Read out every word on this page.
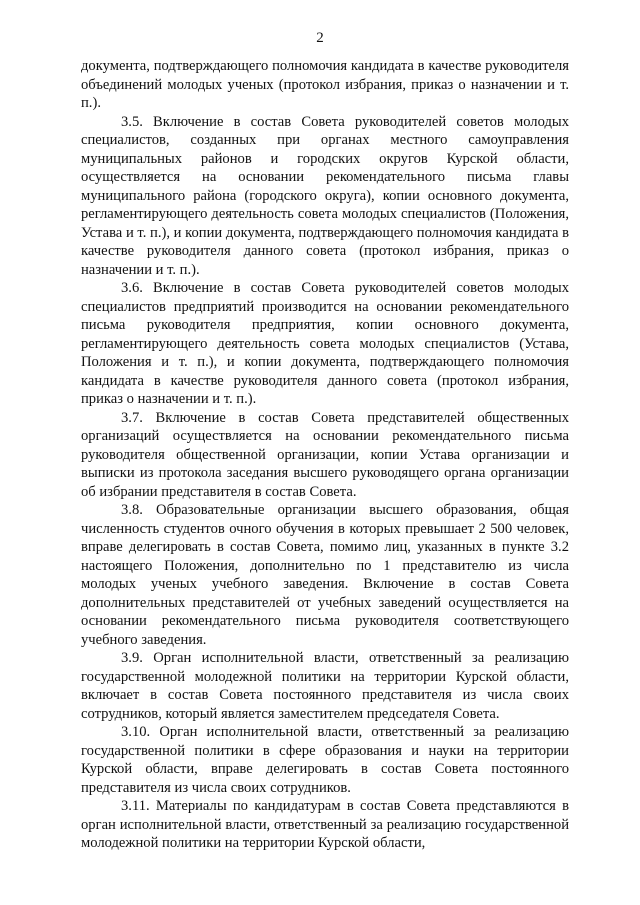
2

документа, подтверждающего полномочия кандидата в качестве руководителя объединений молодых ученых (протокол избрания, приказ о назначении и т. п.).

3.5. Включение в состав Совета руководителей советов молодых специалистов, созданных при органах местного самоуправления муниципальных районов и городских округов Курской области, осуществляется на основании рекомендательного письма главы муниципального района (городского округа), копии основного документа, регламентирующего деятельность совета молодых специалистов (Положения, Устава и т. п.), и копии документа, подтверждающего полномочия кандидата в качестве руководителя данного совета (протокол избрания, приказ о назначении и т. п.).

3.6. Включение в состав Совета руководителей советов молодых специалистов предприятий производится на основании рекомендательного письма руководителя предприятия, копии основного документа, регламентирующего деятельность совета молодых специалистов (Устава, Положения и т. п.), и копии документа, подтверждающего полномочия кандидата в качестве руководителя данного совета (протокол избрания, приказ о назначении и т. п.).

3.7. Включение в состав Совета представителей общественных организаций осуществляется на основании рекомендательного письма руководителя общественной организации, копии Устава организации и выписки из протокола заседания высшего руководящего органа организации об избрании представителя в состав Совета.

3.8. Образовательные организации высшего образования, общая численность студентов очного обучения в которых превышает 2 500 человек, вправе делегировать в состав Совета, помимо лиц, указанных в пункте 3.2 настоящего Положения, дополнительно по 1 представителю из числа молодых ученых учебного заведения. Включение в состав Совета дополнительных представителей от учебных заведений осуществляется на основании рекомендательного письма руководителя соответствующего учебного заведения.

3.9. Орган исполнительной власти, ответственный за реализацию государственной молодежной политики на территории Курской области, включает в состав Совета постоянного представителя из числа своих сотрудников, который является заместителем председателя Совета.

3.10. Орган исполнительной власти, ответственный за реализацию государственной политики в сфере образования и науки на территории Курской области, вправе делегировать в состав Совета постоянного представителя из числа своих сотрудников.

3.11. Материалы по кандидатурам в состав Совета представляются в орган исполнительной власти, ответственный за реализацию государственной молодежной политики на территории Курской области,
